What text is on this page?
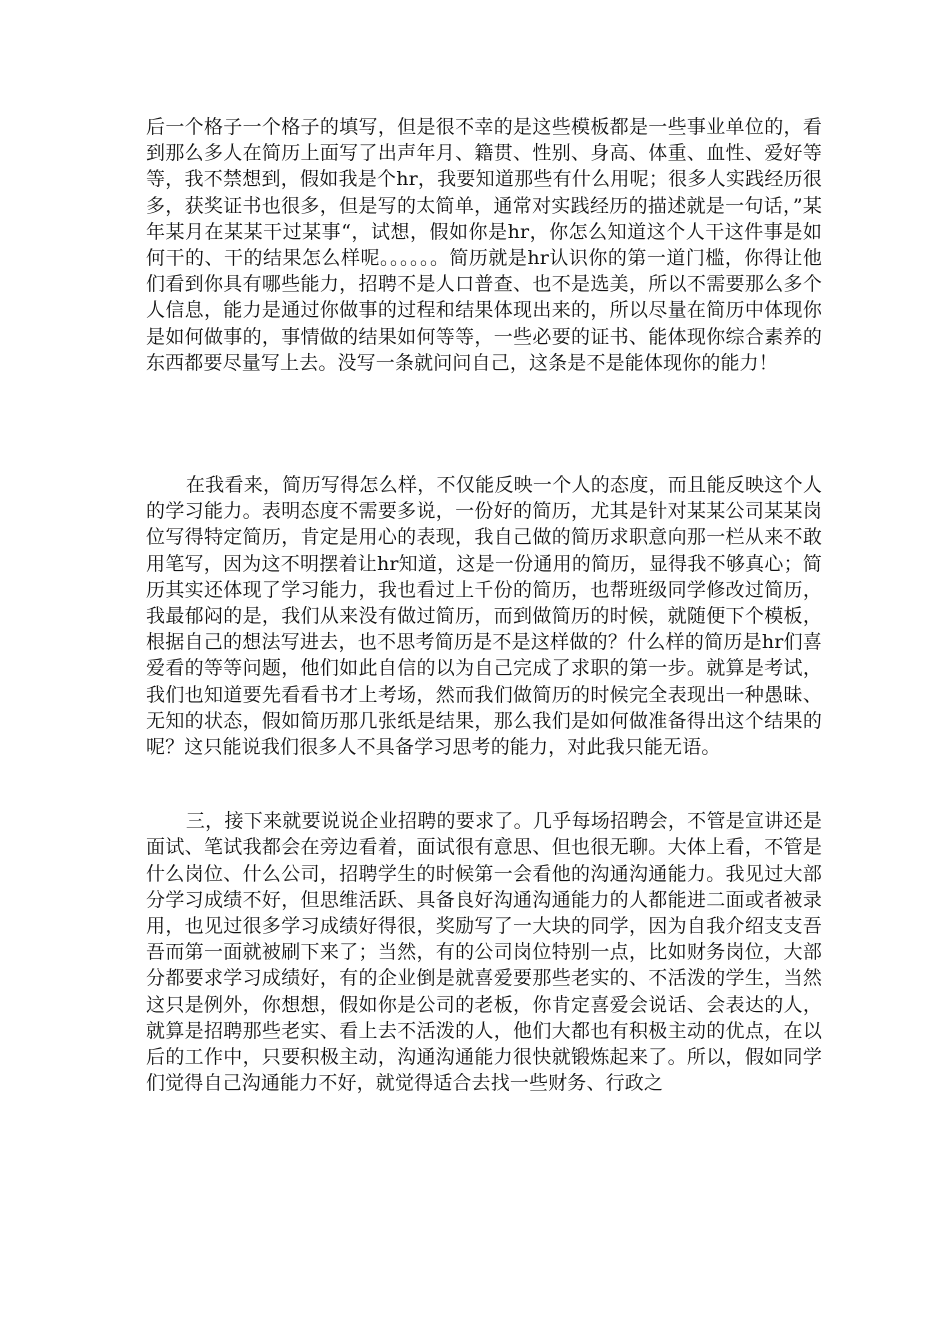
后一个格子一个格子的填写，但是很不幸的是这些模板都是一些事业单位的，看到那么多人在简历上面写了出声年月、籍贯、性别、身高、体重、血性、爱好等等，我不禁想到，假如我是个hr，我要知道那些有什么用呢；很多人实践经历很多，获奖证书也很多，但是写的太简单，通常对实践经历的描述就是一句话，”某年某月在某某干过某事“，试想，假如你是hr，你怎么知道这个人干这件事是如何干的、干的结果怎么样呢。。。。。。简历就是hr认识你的第一道门槛，你得让他们看到你具有哪些能力，招聘不是人口普查、也不是选美，所以不需要那么多个人信息，能力是通过你做事的过程和结果体现出来的，所以尽量在简历中体现你是如何做事的，事情做的结果如何等等，一些必要的证书、能体现你综合素养的东西都要尽量写上去。没写一条就问问自己，这条是不是能体现你的能力！

在我看来，简历写得怎么样，不仅能反映一个人的态度，而且能反映这个人的学习能力。表明态度不需要多说，一份好的简历，尤其是针对某某公司某某岗位写得特定简历，肯定是用心的表现，我自己做的简历求职意向那一栏从来不敢用笔写，因为这不明摆着让hr知道，这是一份通用的简历，显得我不够真心；简历其实还体现了学习能力，我也看过上千份的简历，也帮班级同学修改过简历，我最郁闷的是，我们从来没有做过简历，而到做简历的时候，就随便下个模板，根据自己的想法写进去，也不思考简历是不是这样做的？什么样的简历是hr们喜爱看的等等问题，他们如此自信的以为自己完成了求职的第一步。就算是考试，我们也知道要先看看书才上考场，然而我们做简历的时候完全表现出一种愚昧、无知的状态，假如简历那几张纸是结果，那么我们是如何做准备得出这个结果的呢？这只能说我们很多人不具备学习思考的能力，对此我只能无语。

三，接下来就要说说企业招聘的要求了。几乎每场招聘会，不管是宣讲还是面试、笔试我都会在旁边看着，面试很有意思、但也很无聊。大体上看，不管是什么岗位、什么公司，招聘学生的时候第一会看他的沟通沟通能力。我见过大部分学习成绩不好，但思维活跃、具备良好沟通沟通能力的人都能进二面或者被录用，也见过很多学习成绩好得很，奖励写了一大块的同学，因为自我介绍支支吾吾而第一面就被刷下来了；当然，有的公司岗位特别一点，比如财务岗位，大部分都要求学习成绩好，有的企业倒是就喜爱要那些老实的、不活泼的学生，当然这只是例外，你想想，假如你是公司的老板，你肯定喜爱会说话、会表达的人，就算是招聘那些老实、看上去不活泼的人，他们大都也有积极主动的优点，在以后的工作中，只要积极主动，沟通沟通能力很快就锻炼起来了。所以，假如同学们觉得自己沟通能力不好，就觉得适合去找一些财务、行政之
